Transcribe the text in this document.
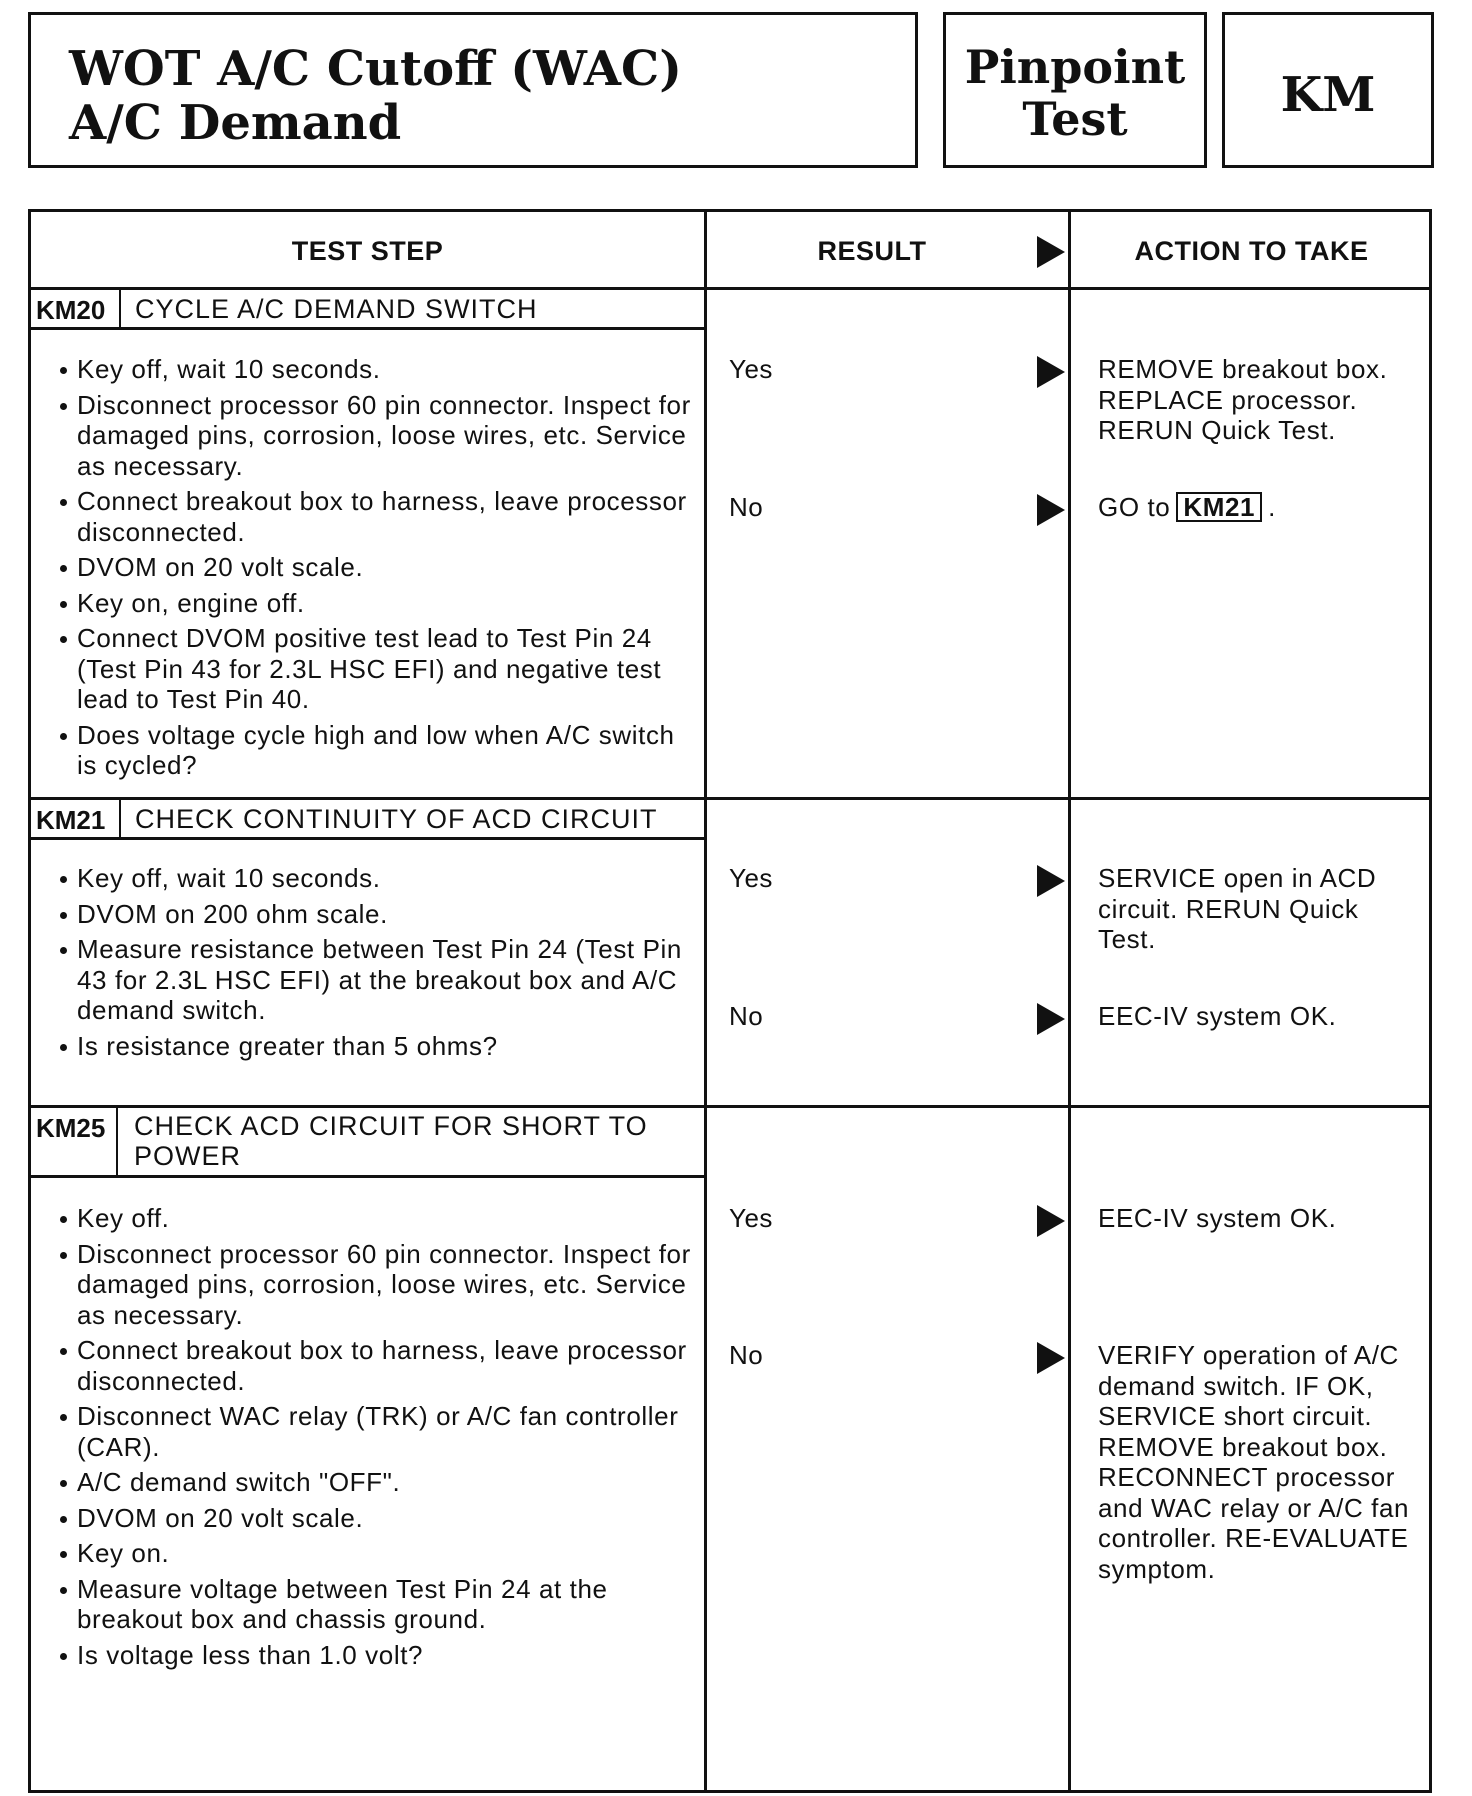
WOT A/C Cutoff (WAC)
A/C Demand
Pinpoint
Test	KM
TEST STEP	RESULT	ACTION TO TAKE
KM20 CYCLE A/C DEMAND SWITCH
Key off, wait 10 seconds.
Disconnect processor 60 pin connector. Inspect for damaged pins, corrosion, loose wires, etc. Service as necessary.
Connect breakout box to harness, leave processor disconnected.
DVOM on 20 volt scale.
Key on, engine off.
Connect DVOM positive test lead to Test Pin 24 (Test Pin 43 for 2.3L HSC EFI) and negative test lead to Test Pin 40.
Does voltage cycle high and low when A/C switch is cycled?
Yes	REMOVE breakout box.
REPLACE processor.
RERUN Quick Test.
No	GO to KM21 .
KM21 CHECK CONTINUITY OF ACD CIRCUIT
Key off, wait 10 seconds.
DVOM on 200 ohm scale.
Measure resistance between Test Pin 24 (Test Pin 43 for 2.3L HSC EFI) at the breakout box and A/C demand switch.
Is resistance greater than 5 ohms?
Yes	SERVICE open in ACD circuit. RERUN Quick Test.
No	EEC-IV system OK.
KM25 CHECK ACD CIRCUIT FOR SHORT TO
POWER
Key off.
Disconnect processor 60 pin connector. Inspect for damaged pins, corrosion, loose wires, etc. Service as necessary.
Connect breakout box to harness, leave processor disconnected.
Disconnect WAC relay (TRK) or A/C fan controller (CAR).
A/C demand switch "OFF".
DVOM on 20 volt scale.
Key on.
Measure voltage between Test Pin 24 at the breakout box and chassis ground.
Is voltage less than 1.0 volt?
Yes	EEC-IV system OK.
No	VERIFY operation of A/C demand switch. IF OK, SERVICE short circuit. REMOVE breakout box. RECONNECT processor and WAC relay or A/C fan controller. RE-EVALUATE symptom.
